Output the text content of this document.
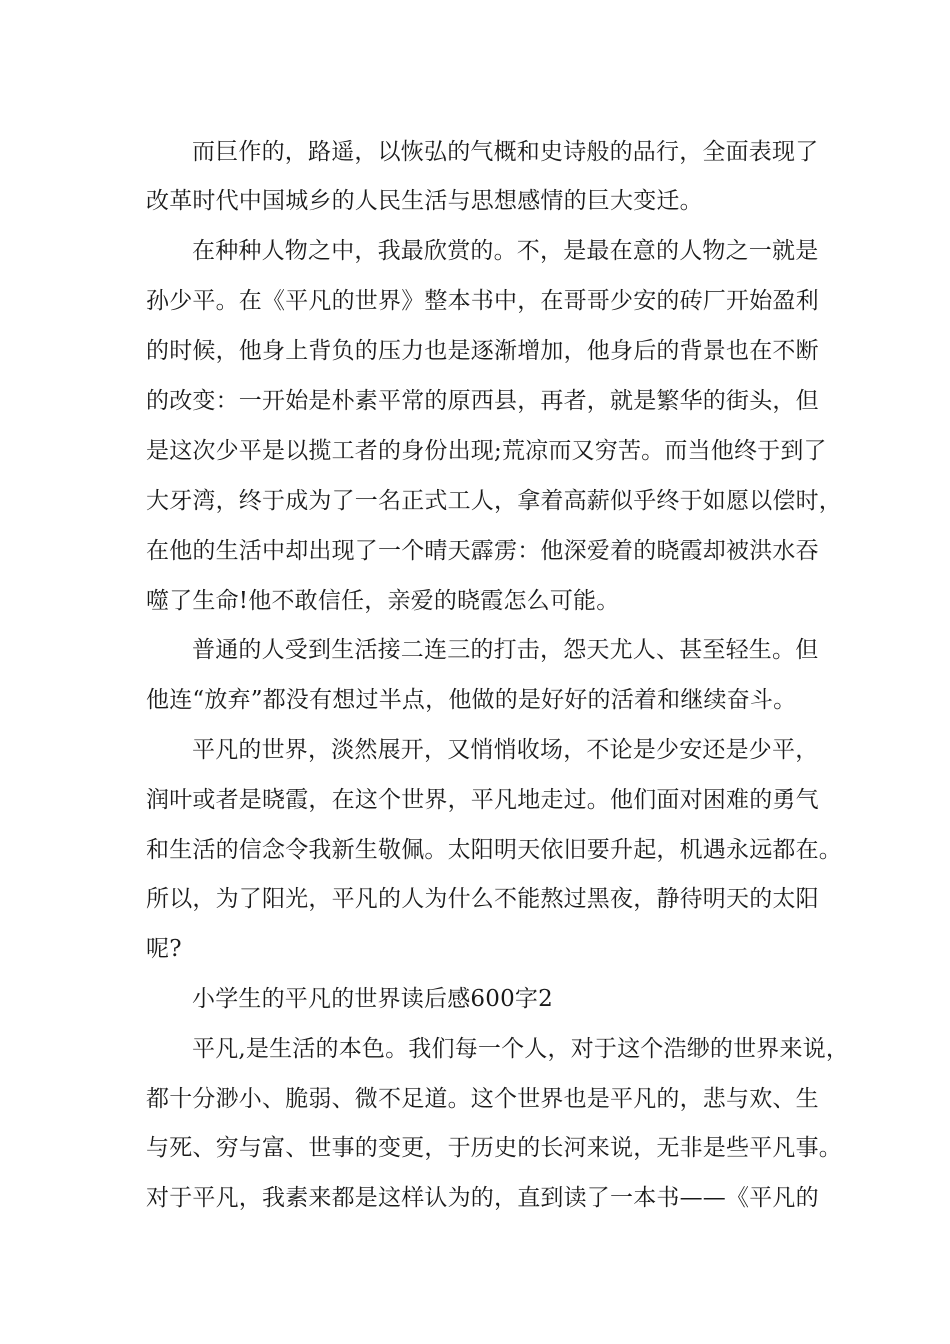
而巨作的，路遥，以恢弘的气概和史诗般的品行，全面表现了
改革时代中国城乡的人民生活与思想感情的巨大变迁。
在种种人物之中，我最欣赏的。不，是最在意的人物之一就是
孙少平。在《平凡的世界》整本书中，在哥哥少安的砖厂开始盈利
的时候，他身上背负的压力也是逐渐增加，他身后的背景也在不断
的改变：一开始是朴素平常的原西县，再者，就是繁华的街头，但
是这次少平是以揽工者的身份出现;荒凉而又穷苦。而当他终于到了
大牙湾，终于成为了一名正式工人，拿着高薪似乎终于如愿以偿时，
在他的生活中却出现了一个晴天霹雳：他深爱着的晓霞却被洪水吞
噬了生命!他不敢信任，亲爱的晓霞怎么可能。
普通的人受到生活接二连三的打击，怨天尤人、甚至轻生。但
他连“放弃”都没有想过半点，他做的是好好的活着和继续奋斗。
平凡的世界，淡然展开，又悄悄收场，不论是少安还是少平，
润叶或者是晓霞，在这个世界，平凡地走过。他们面对困难的勇气
和生活的信念令我新生敬佩。太阳明天依旧要升起，机遇永远都在。
所以，为了阳光，平凡的人为什么不能熬过黑夜，静待明天的太阳
呢?
小学生的平凡的世界读后感600字2
平凡,是生活的本色。我们每一个人，对于这个浩缈的世界来说，
都十分渺小、脆弱、微不足道。这个世界也是平凡的，悲与欢、生
与死、穷与富、世事的变更，于历史的长河来说，无非是些平凡事。
对于平凡，我素来都是这样认为的，直到读了一本书——《平凡的
